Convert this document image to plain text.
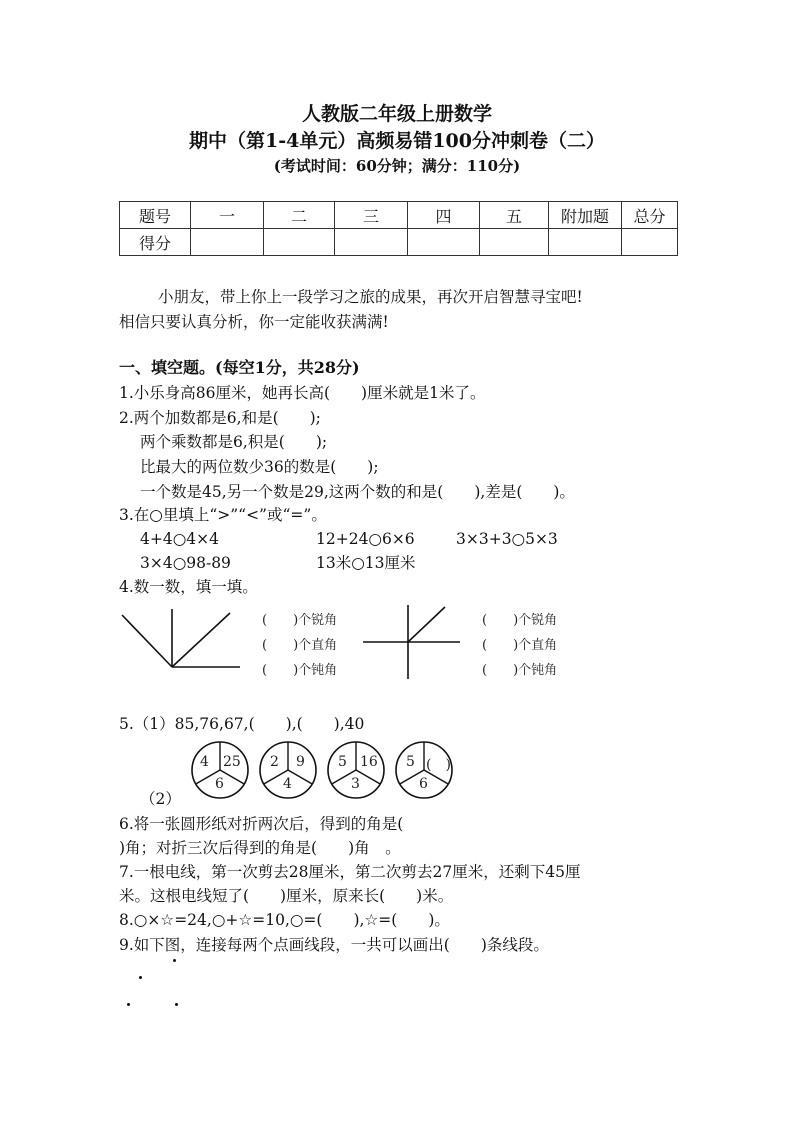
人教版二年级上册数学
期中（第1-4单元）高频易错100分冲刺卷（二）
(考试时间：60分钟；满分：110分)
题号	一	二	三	四	五	附加题	总分
得分							
小朋友，带上你上一段学习之旅的成果，再次开启智慧寻宝吧!
相信只要认真分析，你一定能收获满满!
一、填空题。(每空1分，共28分)
1.小乐身高86厘米，她再长高(　　)厘米就是1米了。
2.两个加数都是6,和是(　　);
两个乘数都是6,积是(　　);
比最大的两位数少36的数是(　　);
一个数是45,另一个数是29,这两个数的和是(　　),差是(　　)。
3.在○里填上“>”“<”或“=”。
4+4○4×4	12+24○6×6	3×3+3○5×3
3×4○98-89	13米○13厘米
4.数一数，填一填。
(　　)个锐角
(　　)个直角
(　　)个钝角
(　　)个锐角
(　　)个直角
(　　)个钝角
5.（1）85,76,67,(　　),(　　),40
4 25
6
2 9
4
5 16
3
5 (　)
6
（2）
6.将一张圆形纸对折两次后，得到的角是(
)角；对折三次后得到的角是(　　)角　。
7.一根电线，第一次剪去28厘米，第二次剪去27厘米，还剩下45厘
米。这根电线短了(　　)厘米，原来长(　　)米。
8.○×☆=24,○+☆=10,○=(　　),☆=(　　)。
9.如下图，连接每两个点画线段，一共可以画出(　　)条线段。
